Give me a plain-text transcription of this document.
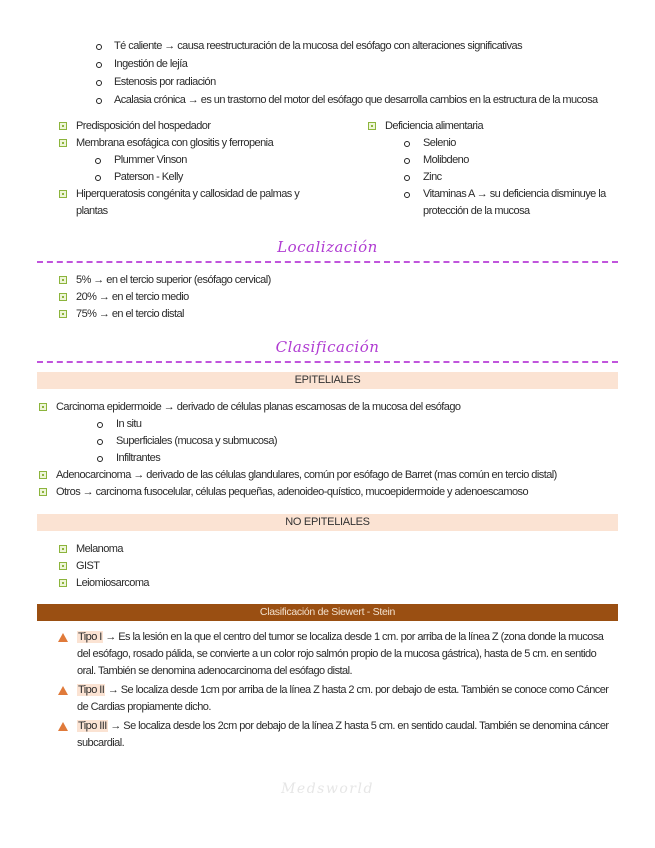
Té caliente → causa reestructuración de la mucosa del esófago con alteraciones significativas
Ingestión de lejía
Estenosis por radiación
Acalasia crónica → es un trastorno del motor del esófago que desarrolla cambios en la estructura de la mucosa
Predisposición del hospedador
Membrana esofágica con glositis y ferropenia
Plummer Vinson
Paterson - Kelly
Hiperqueratosis congénita y callosidad de palmas y plantas
Deficiencia alimentaria
Selenio
Molibdeno
Zinc
Vitaminas A → su deficiencia disminuye la protección de la mucosa
Localización
5% → en el tercio superior (esófago cervical)
20% → en el tercio medio
75% → en el tercio distal
Clasificación
EPITELIALES
Carcinoma epidermoide → derivado de células planas escamosas de la mucosa del esófago
In situ
Superficiales (mucosa y submucosa)
Infiltrantes
Adenocarcinoma → derivado de las células glandulares, común por esófago de Barret (mas común en tercio distal)
Otros → carcinoma fusocelular, células pequeñas, adenoideo-quístico, mucoepidermoide y adenoescamoso
NO EPITELIALES
Melanoma
GIST
Leiomiosarcoma
Clasificación de Siewert - Stein
Tipo I → Es la lesión en la que el centro del tumor se localiza desde 1 cm. por arriba de la línea Z (zona donde la mucosa del esófago, rosado pálida, se convierte a un color rojo salmón propio de la mucosa gástrica), hasta de 5 cm. en sentido oral. También se denomina adenocarcinoma del esófago distal.
Tipo II → Se localiza desde 1cm por arriba de la línea Z hasta 2 cm. por debajo de esta. También se conoce como Cáncer de Cardias propiamente dicho.
Tipo III → Se localiza desde los 2cm por debajo de la línea Z hasta 5 cm. en sentido caudal. También se denomina cáncer subcardial.
Medsworld
